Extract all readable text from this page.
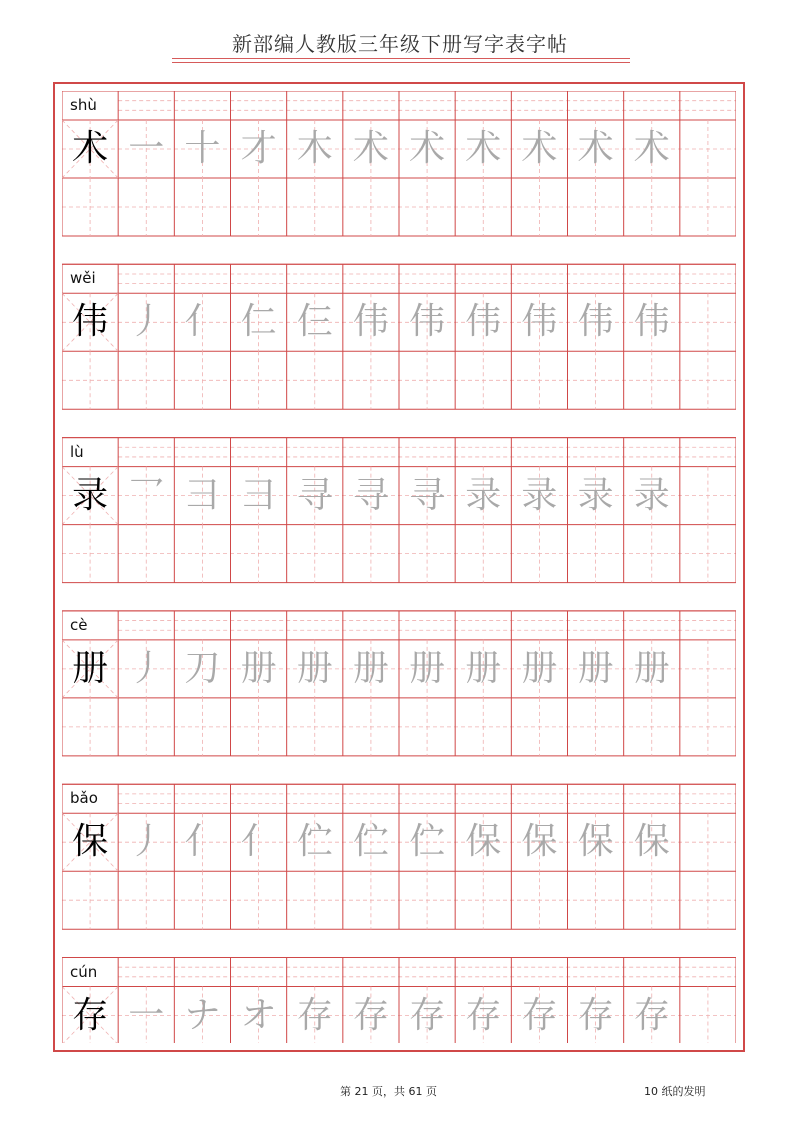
新部编人教版三年级下册写字表字帖
shù
术 一 十 才 木 术 术 术 术 术 术
wěi
伟 丿 亻 仁 仨 伟 伟 伟 伟 伟 伟
lù
录 乛 彐 彐 寻 寻 寻 录 录 录 录
cè
册 丿 刀 册 册 册 册 册 册 册 册
bǎo
保 丿 亻 亻 伫 伫 伫 保 保 保 保
cún
存 一 ナ オ 存 存 存 存 存 存 存
第 21 页，共 61 页	10 纸的发明
